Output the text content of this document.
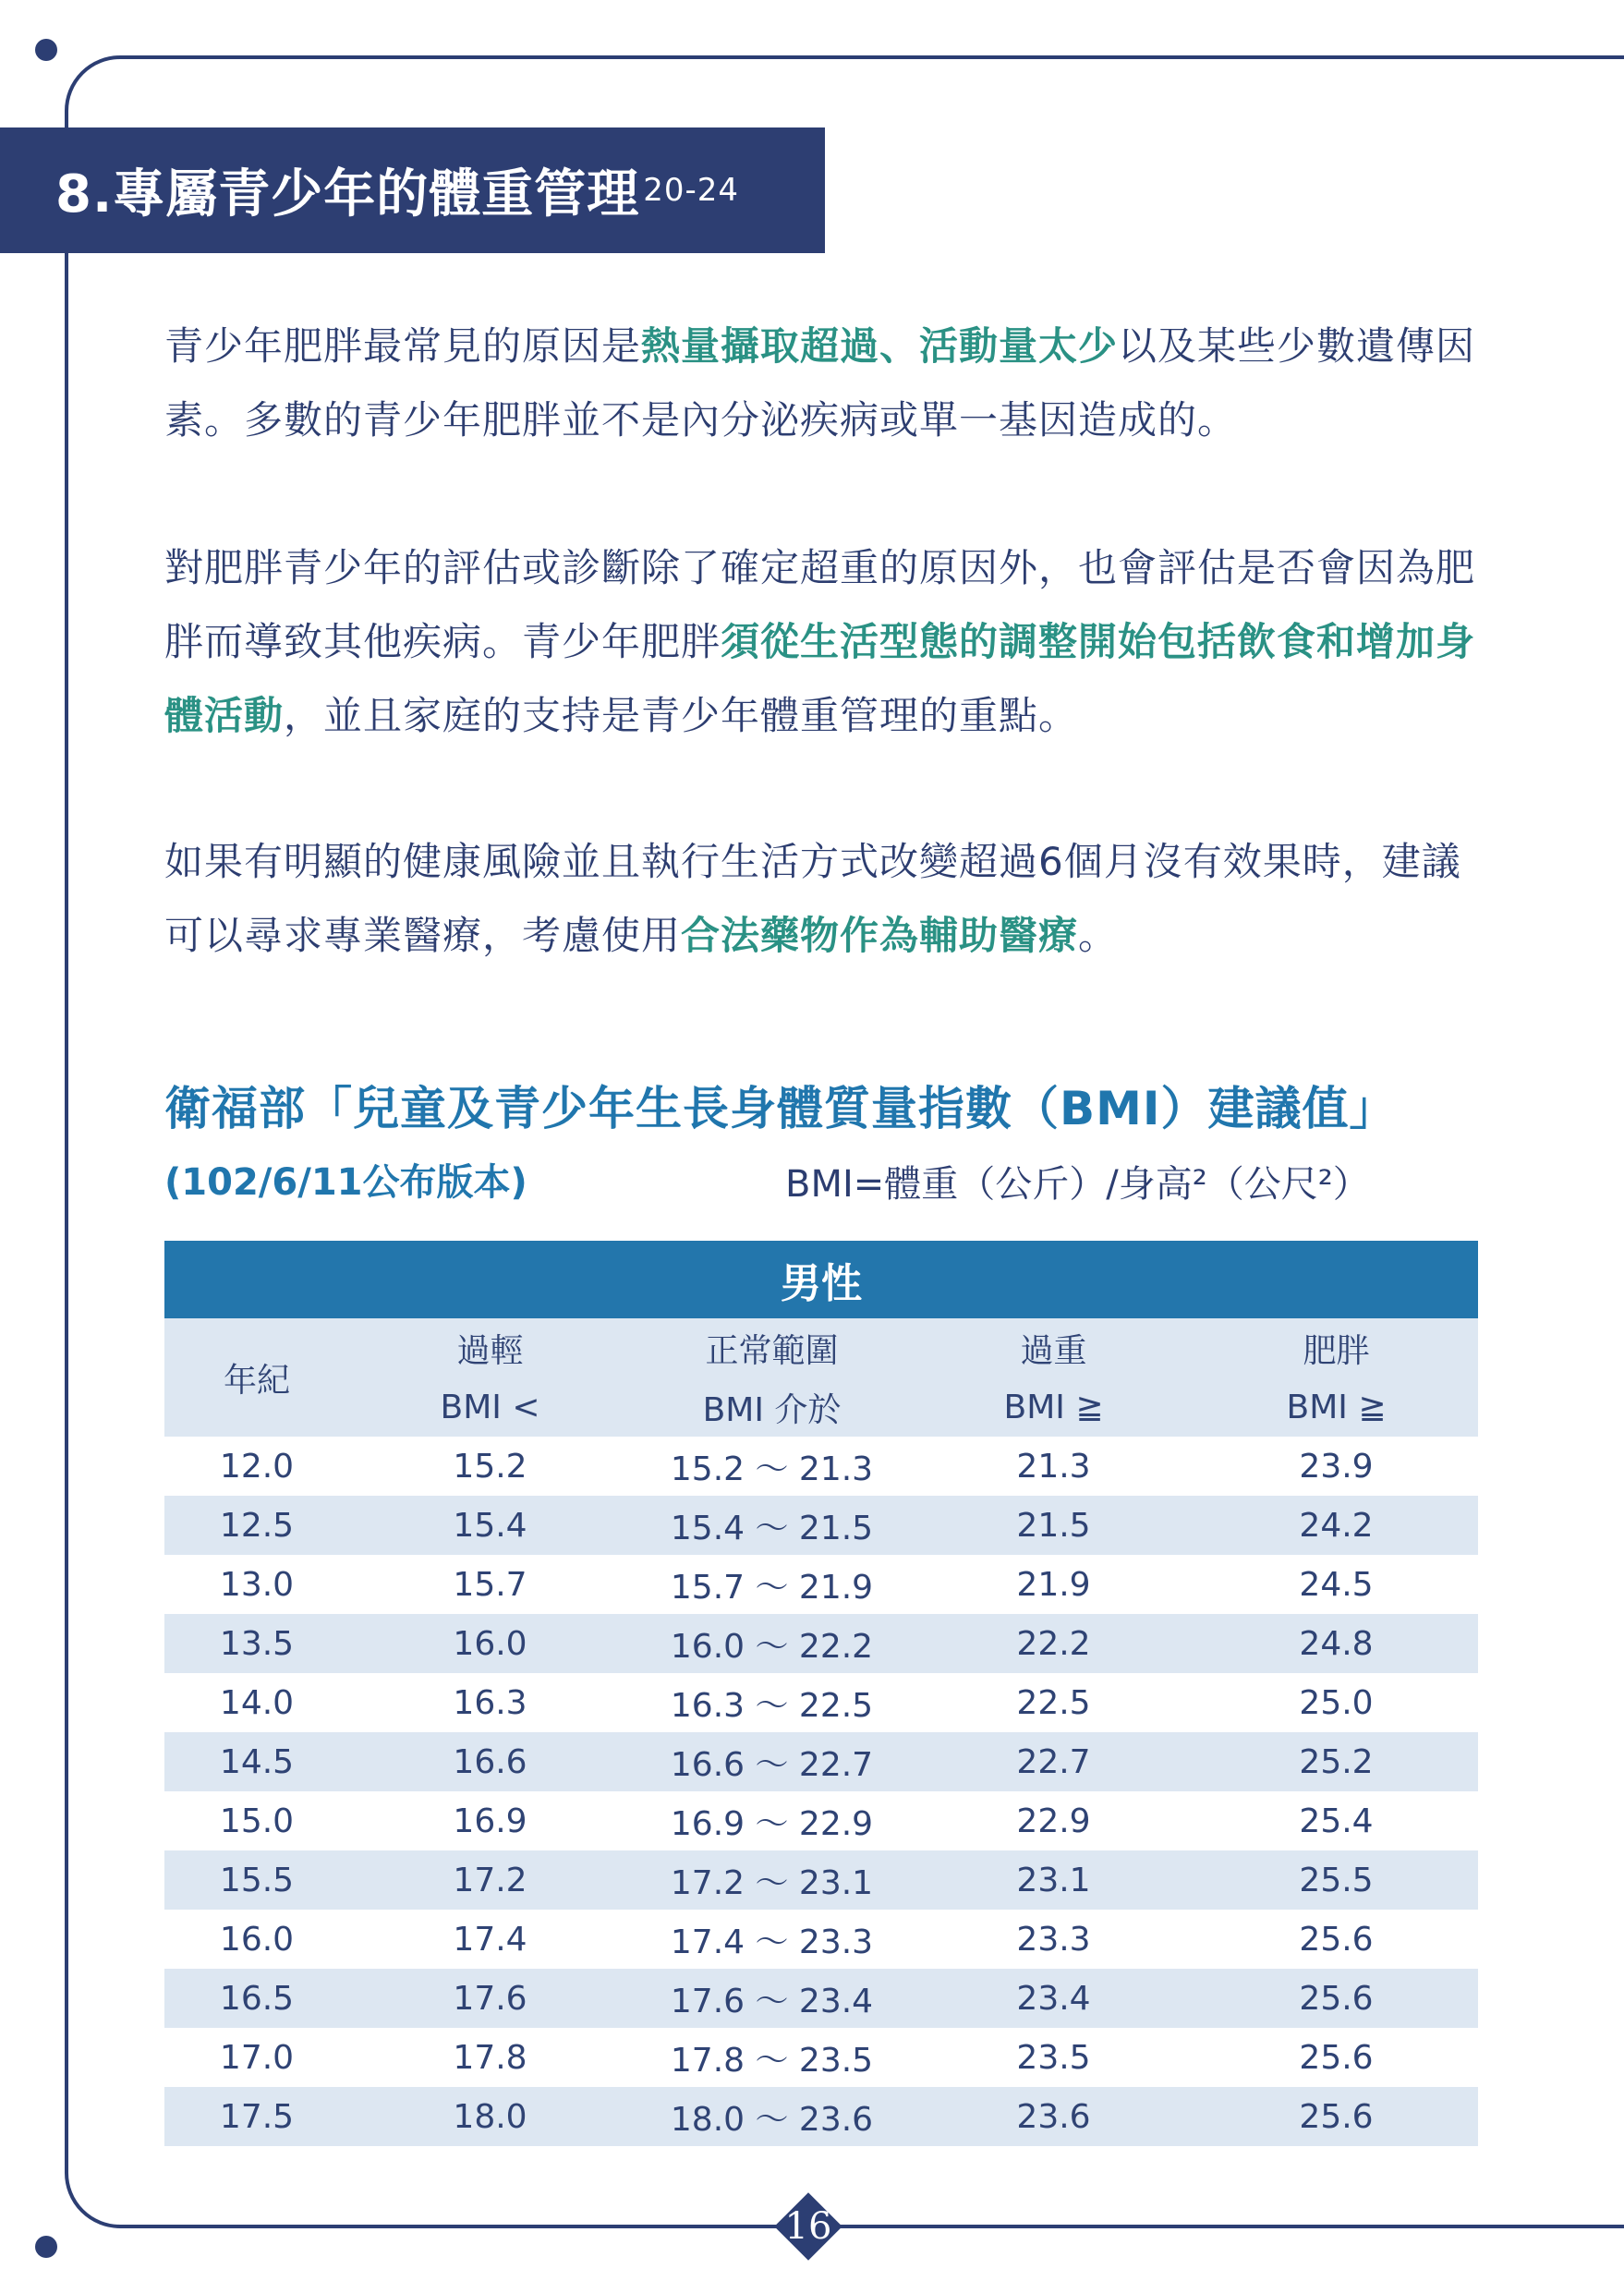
8.專屬青少年的體重管理 20-24
青少年肥胖最常見的原因是熱量攝取超過、活動量太少以及某些少數遺傳因素。多數的青少年肥胖並不是內分泌疾病或單一基因造成的。
對肥胖青少年的評估或診斷除了確定超重的原因外，也會評估是否會因為肥胖而導致其他疾病。青少年肥胖須從生活型態的調整開始包括飲食和增加身體活動，並且家庭的支持是青少年體重管理的重點。
如果有明顯的健康風險並且執行生活方式改變超過6個月沒有效果時，建議可以尋求專業醫療，考慮使用合法藥物作為輔助醫療。
衛福部「兒童及青少年生長身體質量指數（BMI）建議值」
(102/6/11公布版本)	BMI=體重（公斤）/身高²（公尺²）
男性				
年紀	過輕	正常範圍	過重	肥胖
	BMI <	BMI 介於	BMI ≧	BMI ≧
12.0	15.2	15.2 ～ 21.3	21.3	23.9
12.5	15.4	15.4 ～ 21.5	21.5	24.2
13.0	15.7	15.7 ～ 21.9	21.9	24.5
13.5	16.0	16.0 ～ 22.2	22.2	24.8
14.0	16.3	16.3 ～ 22.5	22.5	25.0
14.5	16.6	16.6 ～ 22.7	22.7	25.2
15.0	16.9	16.9 ～ 22.9	22.9	25.4
15.5	17.2	17.2 ～ 23.1	23.1	25.5
16.0	17.4	17.4 ～ 23.3	23.3	25.6
16.5	17.6	17.6 ～ 23.4	23.4	25.6
17.0	17.8	17.8 ～ 23.5	23.5	25.6
17.5	18.0	18.0 ～ 23.6	23.6	25.6
16
